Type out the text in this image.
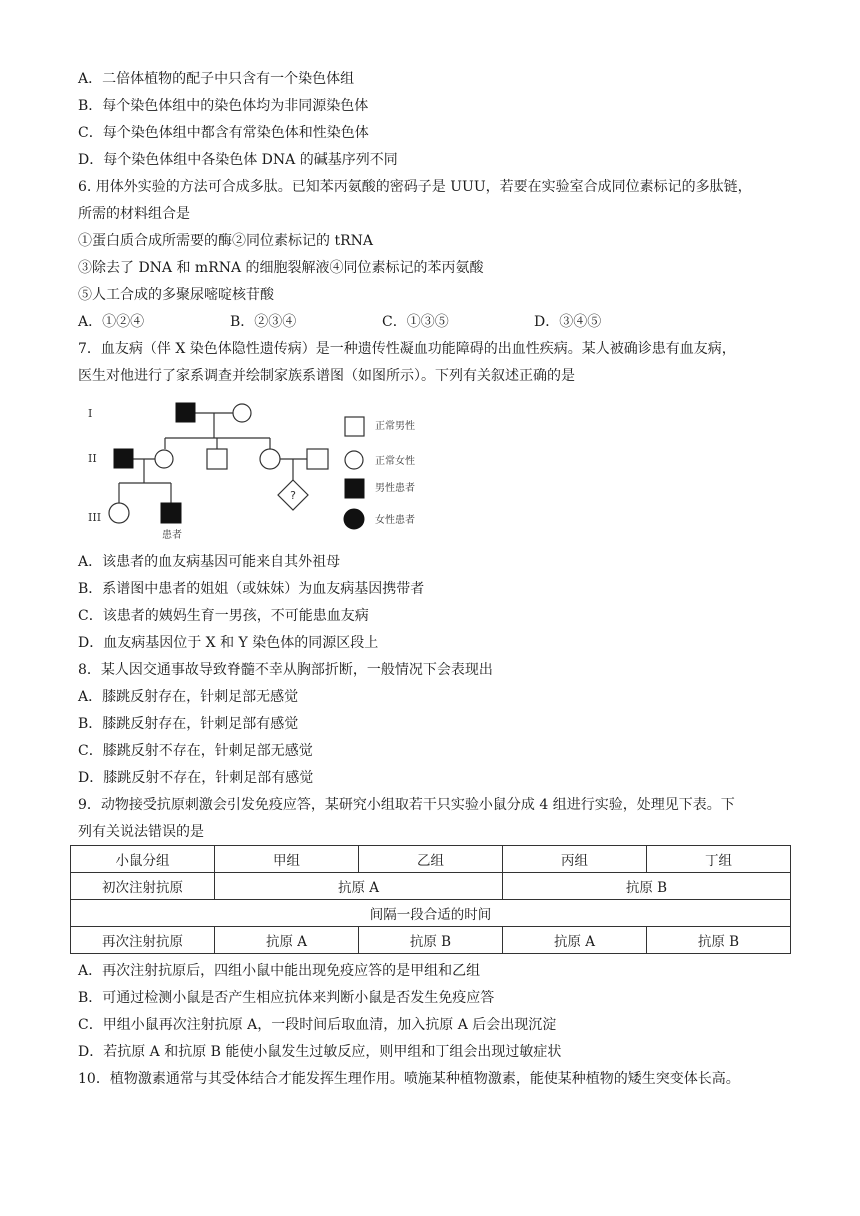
A．二倍体植物的配子中只含有一个染色体组
B．每个染色体组中的染色体均为非同源染色体
C．每个染色体组中都含有常染色体和性染色体
D．每个染色体组中各染色体 DNA 的碱基序列不同
6. 用体外实验的方法可合成多肽。已知苯丙氨酸的密码子是 UUU，若要在实验室合成同位素标记的多肽链，
所需的材料组合是
①蛋白质合成所需要的酶②同位素标记的 tRNA
③除去了 DNA 和 mRNA 的细胞裂解液④同位素标记的苯丙氨酸
⑤人工合成的多聚尿嘧啶核苷酸
A．①②④	B．②③④	C．①③⑤	D．③④⑤
7．血友病（伴 X 染色体隐性遗传病）是一种遗传性凝血功能障碍的出血性疾病。某人被确诊患有血友病，
医生对他进行了家系调查并绘制家族系谱图（如图所示）。下列有关叙述正确的是
I
II
III
患者
?
正常男性
正常女性
男性患者
女性患者
A．该患者的血友病基因可能来自其外祖母
B．系谱图中患者的姐姐（或妹妹）为血友病基因携带者
C．该患者的姨妈生育一男孩，不可能患血友病
D．血友病基因位于 X 和 Y 染色体的同源区段上
8．某人因交通事故导致脊髓不幸从胸部折断，一般情况下会表现出
A．膝跳反射存在，针刺足部无感觉
B．膝跳反射存在，针刺足部有感觉
C．膝跳反射不存在，针刺足部无感觉
D．膝跳反射不存在，针刺足部有感觉
9．动物接受抗原刺激会引发免疫应答，某研究小组取若干只实验小鼠分成 4 组进行实验，处理见下表。下
列有关说法错误的是
小鼠分组	甲组	乙组	丙组	丁组
初次注射抗原	抗原 A		抗原 B	
间隔一段合适的时间				
再次注射抗原	抗原 A	抗原 B	抗原 A	抗原 B
A．再次注射抗原后，四组小鼠中能出现免疫应答的是甲组和乙组
B．可通过检测小鼠是否产生相应抗体来判断小鼠是否发生免疫应答
C．甲组小鼠再次注射抗原 A，一段时间后取血清，加入抗原 A 后会出现沉淀
D．若抗原 A 和抗原 B 能使小鼠发生过敏反应，则甲组和丁组会出现过敏症状
10．植物激素通常与其受体结合才能发挥生理作用。喷施某种植物激素，能使某种植物的矮生突变体长高。
